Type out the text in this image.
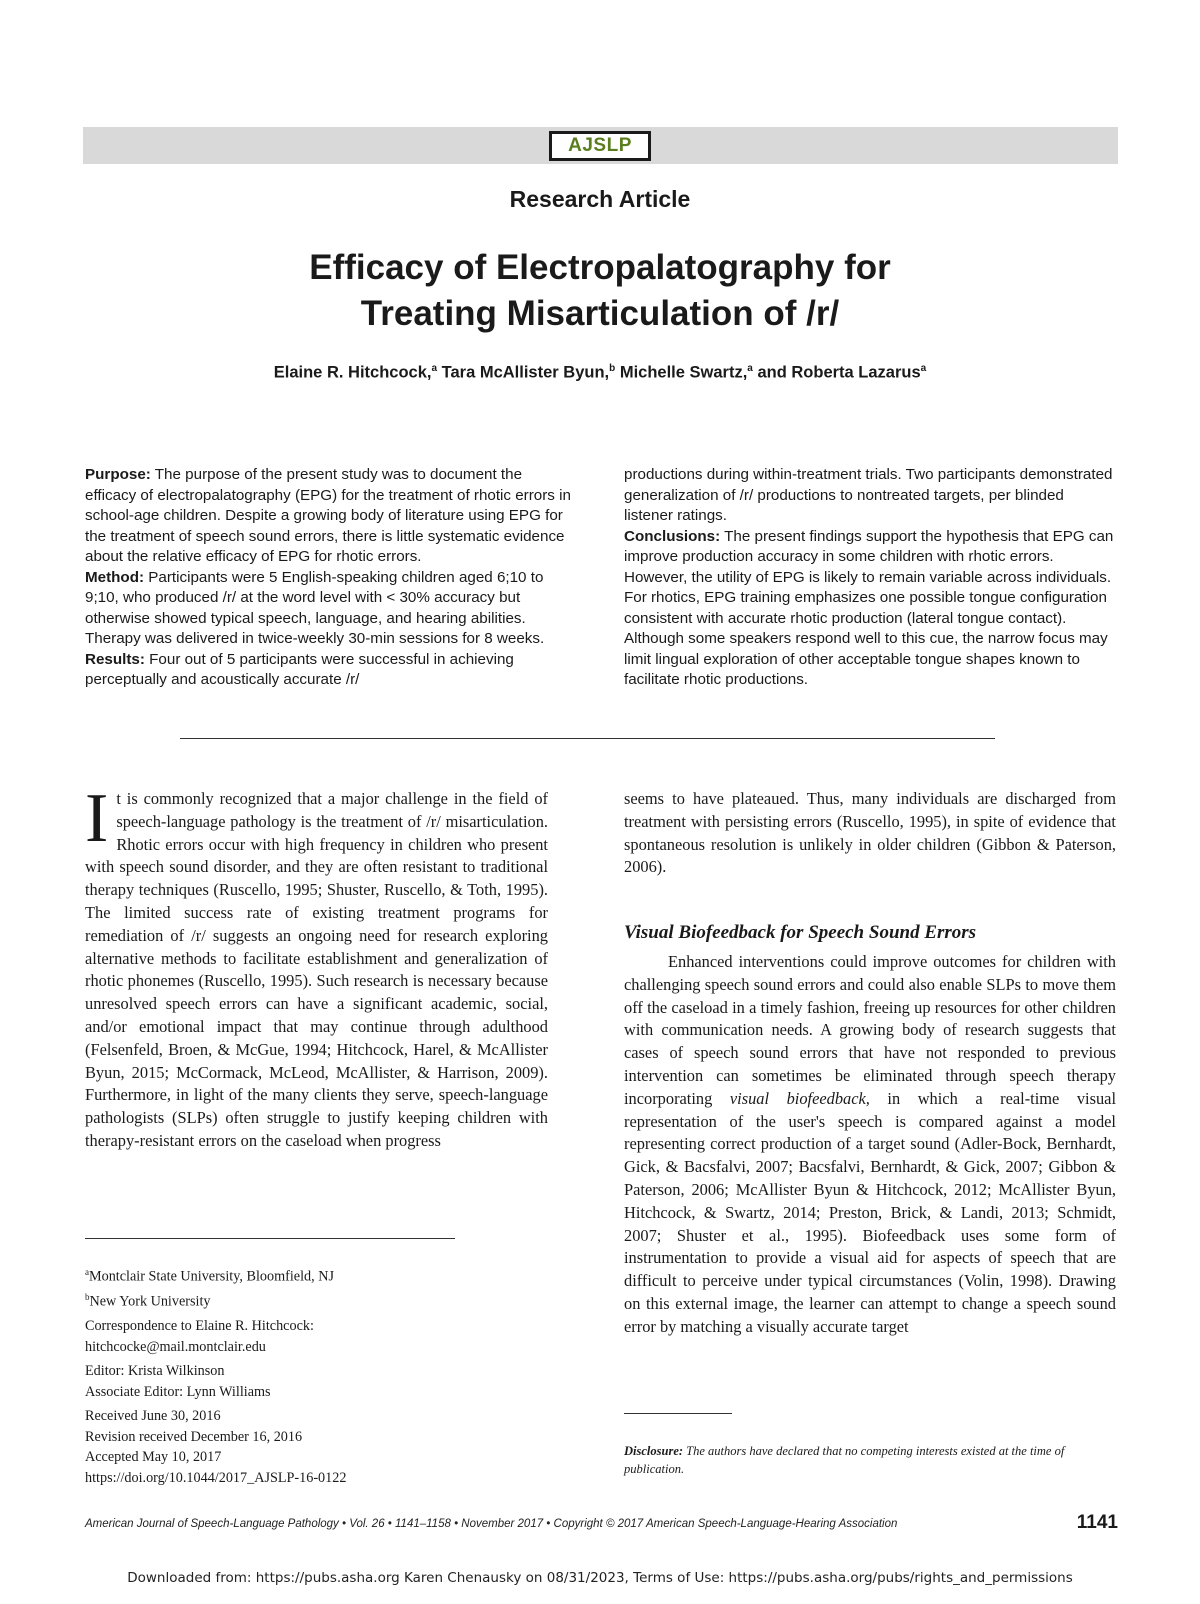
AJSLP
Research Article
Efficacy of Electropalatography for
Treating Misarticulation of /r/
Elaine R. Hitchcock,$^a$ Tara McAllister Byun,$^b$ Michelle Swartz,$^a$ and Roberta Lazarus$^a$

Purpose: The purpose of the present study was to document the efficacy of electropalatography (EPG) for the treatment of rhotic errors in school-age children. Despite a growing body of literature using EPG for the treatment of speech sound errors, there is little systematic evidence about the relative efficacy of EPG for rhotic errors.

Method: Participants were 5 English-speaking children aged 6;10 to 9;10, who produced /r/ at the word level with < 30% accuracy but otherwise showed typical speech, language, and hearing abilities. Therapy was delivered in twice-weekly 30-min sessions for 8 weeks.

Results: Four out of 5 participants were successful in achieving perceptually and acoustically accurate /r/

productions during within-treatment trials. Two participants demonstrated generalization of /r/ productions to nontreated targets, per blinded listener ratings.

Conclusions: The present findings support the hypothesis that EPG can improve production accuracy in some children with rhotic errors. However, the utility of EPG is likely to remain variable across individuals. For rhotics, EPG training emphasizes one possible tongue configuration consistent with accurate rhotic production (lateral tongue contact). Although some speakers respond well to this cue, the narrow focus may limit lingual exploration of other acceptable tongue shapes known to facilitate rhotic productions.

It is commonly recognized that a major challenge in the field of speech-language pathology is the treatment of /r/ misarticulation. Rhotic errors occur with high frequency in children who present with speech sound disorder, and they are often resistant to traditional therapy techniques (Ruscello, 1995; Shuster, Ruscello, & Toth, 1995). The limited success rate of existing treatment programs for remediation of /r/ suggests an ongoing need for research exploring alternative methods to facilitate establishment and generalization of rhotic phonemes (Ruscello, 1995). Such research is necessary because unresolved speech errors can have a significant academic, social, and/or emotional impact that may continue through adulthood (Felsenfeld, Broen, & McGue, 1994; Hitchcock, Harel, & McAllister Byun, 2015; McCormack, McLeod, McAllister, & Harrison, 2009). Furthermore, in light of the many clients they serve, speech-language pathologists (SLPs) often struggle to justify keeping children with therapy-resistant errors on the caseload when progress

seems to have plateaued. Thus, many individuals are discharged from treatment with persisting errors (Ruscello, 1995), in spite of evidence that spontaneous resolution is unlikely in older children (Gibbon & Paterson, 2006).

Visual Biofeedback for Speech Sound Errors

Enhanced interventions could improve outcomes for children with challenging speech sound errors and could also enable SLPs to move them off the caseload in a timely fashion, freeing up resources for other children with communication needs. A growing body of research suggests that cases of speech sound errors that have not responded to previous intervention can sometimes be eliminated through speech therapy incorporating visual biofeedback, in which a real-time visual representation of the user's speech is compared against a model representing correct production of a target sound (Adler-Bock, Bernhardt, Gick, & Bacsfalvi, 2007; Bacsfalvi, Bernhardt, & Gick, 2007; Gibbon & Paterson, 2006; McAllister Byun & Hitchcock, 2012; McAllister Byun, Hitchcock, & Swartz, 2014; Preston, Brick, & Landi, 2013; Schmidt, 2007; Shuster et al., 1995). Biofeedback uses some form of instrumentation to provide a visual aid for aspects of speech that are difficult to perceive under typical circumstances (Volin, 1998). Drawing on this external image, the learner can attempt to change a speech sound error by matching a visually accurate target

$^a$Montclair State University, Bloomfield, NJ
$^b$New York University
Correspondence to Elaine R. Hitchcock:
hitchcocke@mail.montclair.edu
Editor: Krista Wilkinson
Associate Editor: Lynn Williams
Received June 30, 2016
Revision received December 16, 2016
Accepted May 10, 2017
https://doi.org/10.1044/2017_AJSLP-16-0122
Disclosure: The authors have declared that no competing interests existed at the time of publication.
American Journal of Speech-Language Pathology • Vol. 26 • 1141–1158 • November 2017 • Copyright © 2017 American Speech-Language-Hearing Association	1141
Downloaded from: https://pubs.asha.org Karen Chenausky on 08/31/2023, Terms of Use: https://pubs.asha.org/pubs/rights_and_permissions
